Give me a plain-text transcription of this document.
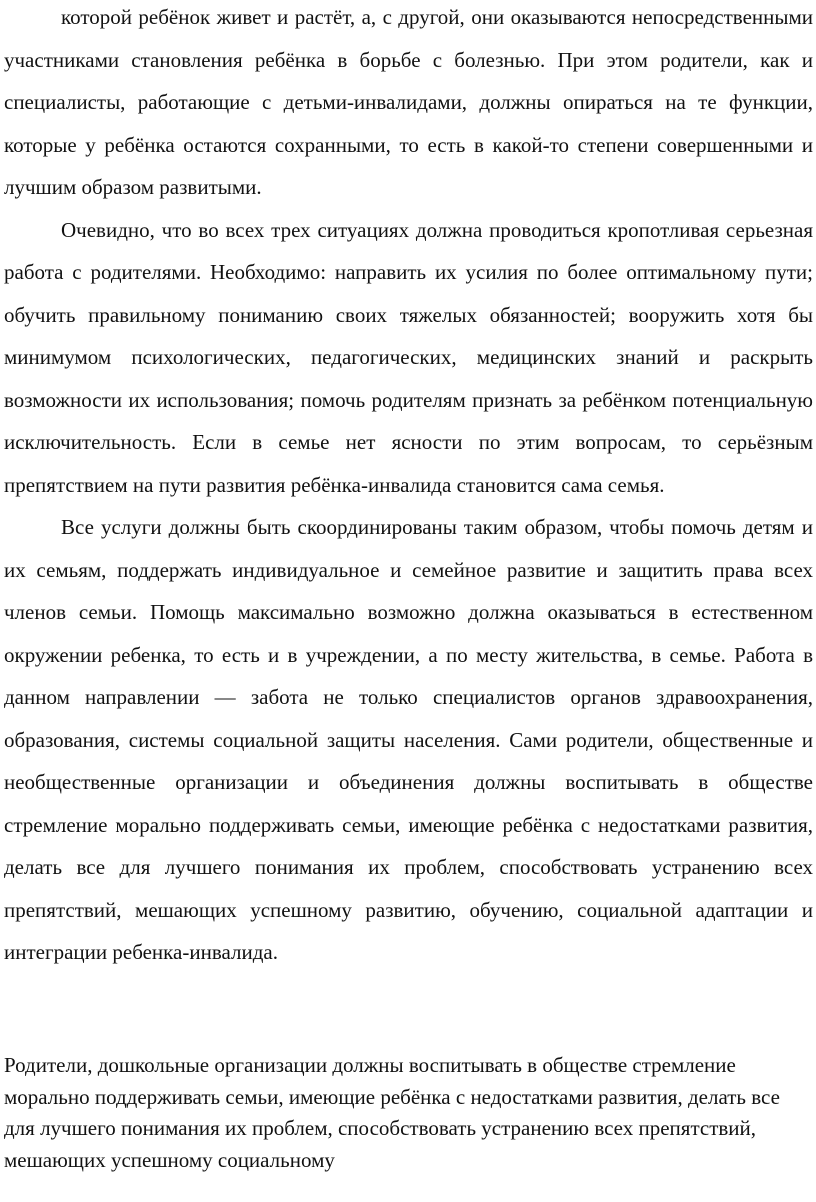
которой ребёнок живет и растёт, а, с другой, они оказываются непосредственными участниками становления ребёнка в борьбе с болезнью. При этом родители, как и специалисты, работающие с детьми-инвалидами, должны опираться на те функции, которые у ребёнка остаются сохранными, то есть в какой-то степени совершенными и лучшим образом развитыми.

Очевидно, что во всех трех ситуациях должна проводиться кропотливая серьезная работа с родителями. Необходимо: направить их усилия по более оптимальному пути; обучить правильному пониманию своих тяжелых обязанностей; вооружить хотя бы минимумом психологических, педагогических, медицинских знаний и раскрыть возможности их использования; помочь родителям признать за ребёнком потенциальную исключительность. Если в семье нет ясности по этим вопросам, то серьёзным препятствием на пути развития ребёнка-инвалида становится сама семья.

Все услуги должны быть скоординированы таким образом, чтобы помочь детям и их семьям, поддержать индивидуальное и семейное развитие и защитить права всех членов семьи. Помощь максимально возможно должна оказываться в естественном окружении ребенка, то есть и в учреждении, а по месту жительства, в семье. Работа в данном направлении — забота не только специалистов органов здравоохранения, образования, системы социальной защиты населения. Сами родители, общественные и необщественные организации и объединения должны воспитывать в обществе стремление морально поддерживать семьи, имеющие ребёнка с недостатками развития, делать все для лучшего понимания их проблем, способствовать устранению всех препятствий, мешающих успешному развитию, обучению, социальной адаптации и интеграции ребенка-инвалида.

Родители, дошкольные организации должны воспитывать в обществе стремление морально поддерживать семьи, имеющие ребёнка с недостатками развития, делать все для лучшего понимания их проблем, способствовать устранению всех препятствий, мешающих успешному социальному
